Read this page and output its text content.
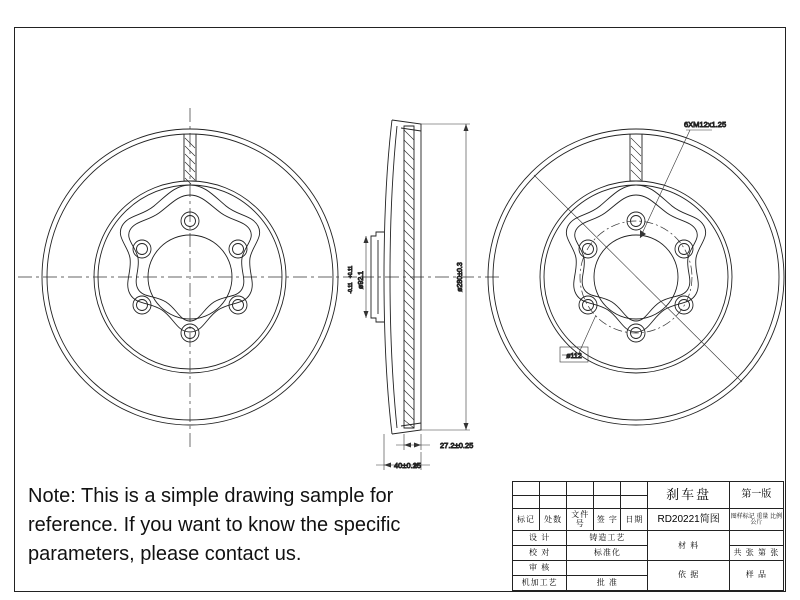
ø92.1
+0.11
-0.11	ø280±0.3
27.2±0.25
40±0.25
6XM12x1.25
ø112
Note: This is a simple drawing sample for
reference. If you want to know the specific
parameters, please contact us.
					刹车盘	第一版

标记	处数	文件号	签 字	日期	RD20221简图	图样标记 重量 比例 公斤
设 计		铸造工艺			材 料	
校 对		标准化				共 张 第 张
审 核					依 据	样 品
机加工艺		批 准				
